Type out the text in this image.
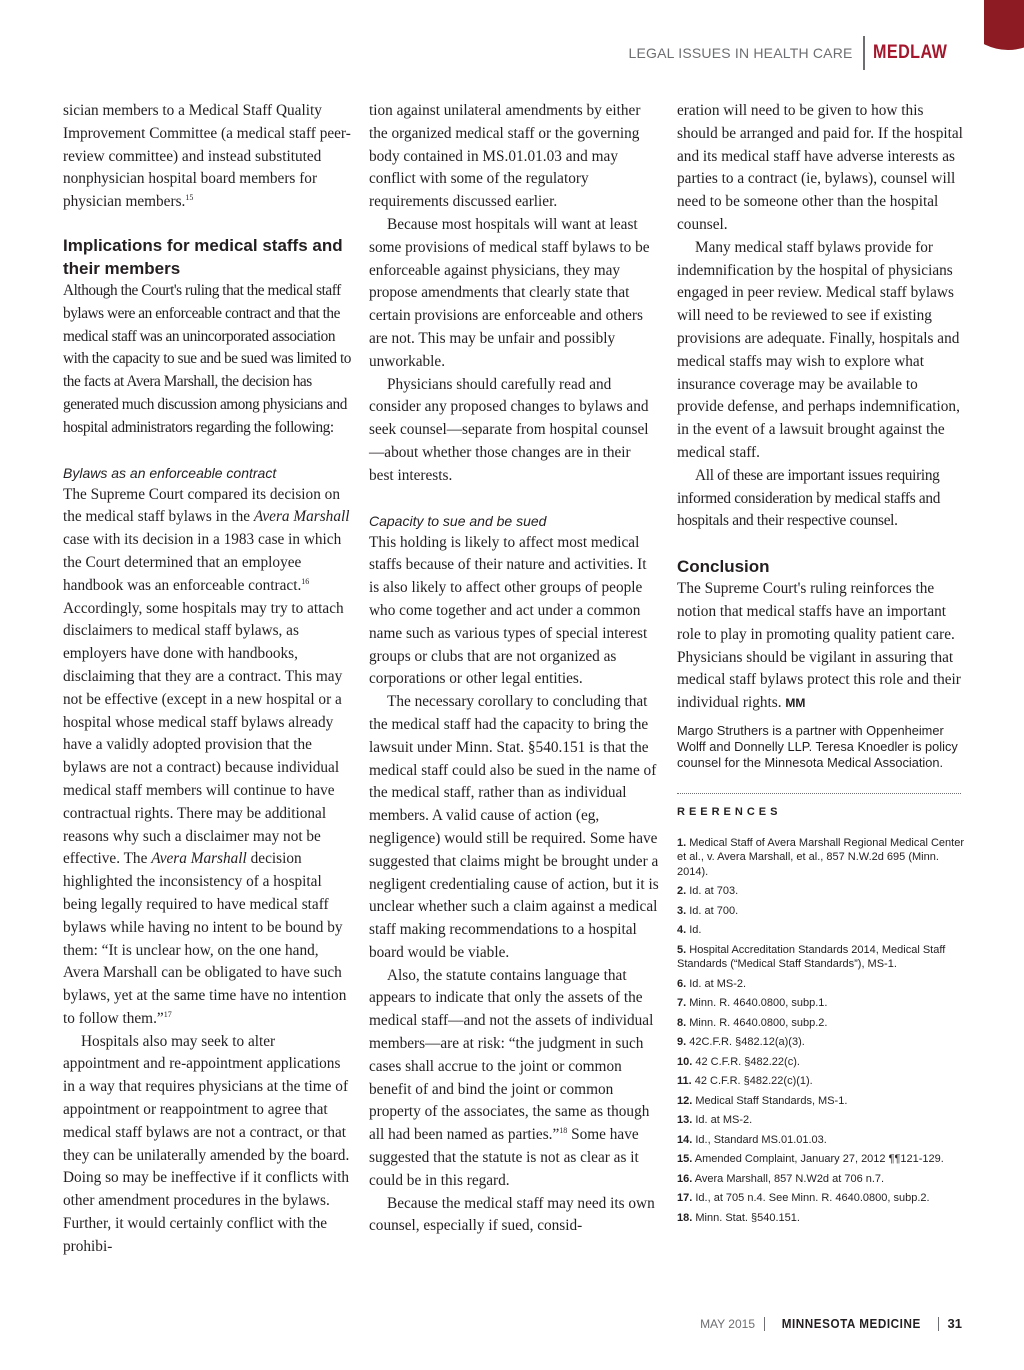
LEGAL ISSUES IN HEALTH CARE MEDLAW

sician members to a Medical Staff Quality Improvement Committee (a medical staff peer-review committee) and instead substituted nonphysician hospital board members for physician members.$^{15}$

Implications for medical staffs and their members

Although the Court's ruling that the medical staff bylaws were an enforceable contract and that the medical staff was an unincorporated association with the capacity to sue and be sued was limited to the facts at Avera Marshall, the decision has generated much discussion among physicians and hospital administrators regarding the following:

Bylaws as an enforceable contract

The Supreme Court compared its decision on the medical staff bylaws in the Avera Marshall case with its decision in a 1983 case in which the Court determined that an employee handbook was an enforceable contract.$^{16}$ Accordingly, some hospitals may try to attach disclaimers to medical staff bylaws, as employers have done with handbooks, disclaiming that they are a contract. This may not be effective (except in a new hospital or a hospital whose medical staff bylaws already have a validly adopted provision that the bylaws are not a contract) because individual medical staff members will continue to have contractual rights. There may be additional reasons why such a disclaimer may not be effective. The Avera Marshall decision highlighted the inconsistency of a hospital being legally required to have medical staff bylaws while having no intent to be bound by them: “It is unclear how, on the one hand, Avera Marshall can be obligated to have such bylaws, yet at the same time have no intention to follow them.”$^{17}$

Hospitals also may seek to alter appointment and re-appointment applications in a way that requires physicians at the time of appointment or reappointment to agree that medical staff bylaws are not a contract, or that they can be unilaterally amended by the board. Doing so may be ineffective if it conflicts with other amendment procedures in the bylaws. Further, it would certainly conflict with the prohibi-

tion against unilateral amendments by either the organized medical staff or the governing body contained in MS.01.01.03 and may conflict with some of the regulatory requirements discussed earlier.

Because most hospitals will want at least some provisions of medical staff bylaws to be enforceable against physicians, they may propose amendments that clearly state that certain provisions are enforceable and others are not. This may be unfair and possibly unworkable.

Physicians should carefully read and consider any proposed changes to bylaws and seek counsel—separate from hospital counsel—about whether those changes are in their best interests.

Capacity to sue and be sued

This holding is likely to affect most medical staffs because of their nature and activities. It is also likely to affect other groups of people who come together and act under a common name such as various types of special interest groups or clubs that are not organized as corporations or other legal entities.

The necessary corollary to concluding that the medical staff had the capacity to bring the lawsuit under Minn. Stat. §540.151 is that the medical staff could also be sued in the name of the medical staff, rather than as individual members. A valid cause of action (eg, negligence) would still be required. Some have suggested that claims might be brought under a negligent credentialing cause of action, but it is unclear whether such a claim against a medical staff making recommendations to a hospital board would be viable.

Also, the statute contains language that appears to indicate that only the assets of the medical staff—and not the assets of individual members—are at risk: “the judgment in such cases shall accrue to the joint or common benefit of and bind the joint or common property of the associates, the same as though all had been named as parties.”$^{18}$ Some have suggested that the statute is not as clear as it could be in this regard.

Because the medical staff may need its own counsel, especially if sued, consid-

eration will need to be given to how this should be arranged and paid for. If the hospital and its medical staff have adverse interests as parties to a contract (ie, bylaws), counsel will need to be someone other than the hospital counsel.

Many medical staff bylaws provide for indemnification by the hospital of physicians engaged in peer review. Medical staff bylaws will need to be reviewed to see if existing provisions are adequate. Finally, hospitals and medical staffs may wish to explore what insurance coverage may be available to provide defense, and perhaps indemnification, in the event of a lawsuit brought against the medical staff.

All of these are important issues requiring informed consideration by medical staffs and hospitals and their respective counsel.

Conclusion

The Supreme Court's ruling reinforces the notion that medical staffs have an important role to play in promoting quality patient care. Physicians should be vigilant in assuring that medical staff bylaws protect this role and their individual rights. MM

Margo Struthers is a partner with Oppenheimer Wolff and Donnelly LLP. Teresa Knoedler is policy counsel for the Minnesota Medical Association.

REERENCES
1. Medical Staff of Avera Marshall Regional Medical Center et al., v. Avera Marshall, et al., 857 N.W.2d 695 (Minn. 2014).
2. Id. at 703.
3. Id. at 700.
4. Id.
5. Hospital Accreditation Standards 2014, Medical Staff Standards (“Medical Staff Standards”), MS-1.
6. Id. at MS-2.
7. Minn. R. 4640.0800, subp.1.
8. Minn. R. 4640.0800, subp.2.
9. 42C.F.R. §482.12(a)(3).
10. 42 C.F.R. §482.22(c).
11. 42 C.F.R. §482.22(c)(1).
12. Medical Staff Standards, MS-1.
13. Id. at MS-2.
14. Id., Standard MS.01.01.03.
15. Amended Complaint, January 27, 2012 ¶¶121-129.
16. Avera Marshall, 857 N.W2d at 706 n.7.
17. Id., at 705 n.4. See Minn. R. 4640.0800, subp.2.
18. Minn. Stat. §540.151.
MAY 2015 MINNESOTA MEDICINE 31
